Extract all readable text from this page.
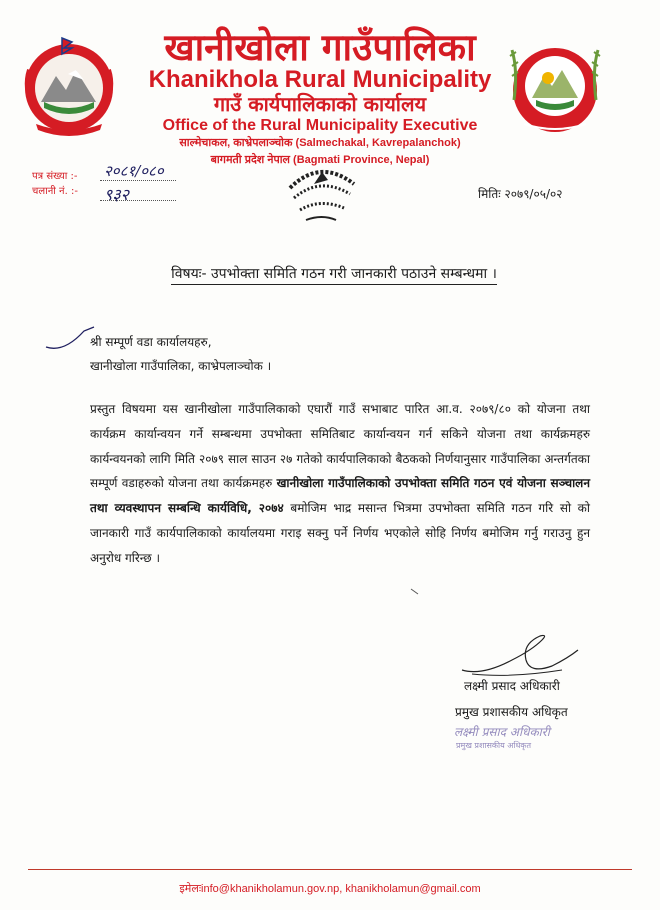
खानीखोला गाउँपालिका
Khanikhola Rural Municipality
गाउँ कार्यपालिकाको कार्यालय
Office of the Rural Municipality Executive
साल्मेचाकल, काभ्रेपलाञ्चोक (Salmechakal, Kavrepalanchok)
बागमती प्रदेश नेपाल (Bagmati Province, Nepal)
पत्र संख्या :- २०८१/०८०
चलानी नं. :- ९३२	मितिः २०७९/०५/०२
विषयः- उपभोक्ता समिति गठन गरी जानकारी पठाउने सम्बन्धमा ।
श्री सम्पूर्ण वडा कार्यालयहरु,
खानीखोला गाउँपालिका, काभ्रेपलाञ्चोक ।
प्रस्तुत विषयमा यस खानीखोला गाउँपालिकाको एघारौं गाउँ सभाबाट पारित आ.व. २०७९/८० को योजना तथा कार्यक्रम कार्यान्वयन गर्ने सम्बन्धमा उपभोक्ता समितिबाट कार्यान्वयन गर्न सकिने योजना तथा कार्यक्रमहरु कार्यन्वयनको लागि मिति २०७९ साल साउन २७ गतेको कार्यपालिकाको बैठकको निर्णयानुसार गाउँपालिका अन्तर्गतका सम्पूर्ण वडाहरुको योजना तथा कार्यक्रमहरु खानीखोला गाउँपालिकाको उपभोक्ता समिति गठन एवं योजना सञ्चालन तथा व्यवस्थापन सम्बन्धि कार्यविधि, २०७४ बमोजिम भाद्र मसान्त भित्रमा उपभोक्ता समिति गठन गरि सो को जानकारी गाउँ कार्यपालिकाको कार्यालयमा गराइ सक्नु पर्ने निर्णय भएकोले सोहि निर्णय बमोजिम गर्नु गराउनु हुन अनुरोध गरिन्छ ।
लक्ष्मी प्रसाद अधिकारी
प्रमुख प्रशासकीय अधिकृत
लक्ष्मी प्रसाद अधिकारी
प्रमुख प्रशासकीय अधिकृत
इमेलःinfo@khanikholamun.gov.np, khanikholamun@gmail.com
